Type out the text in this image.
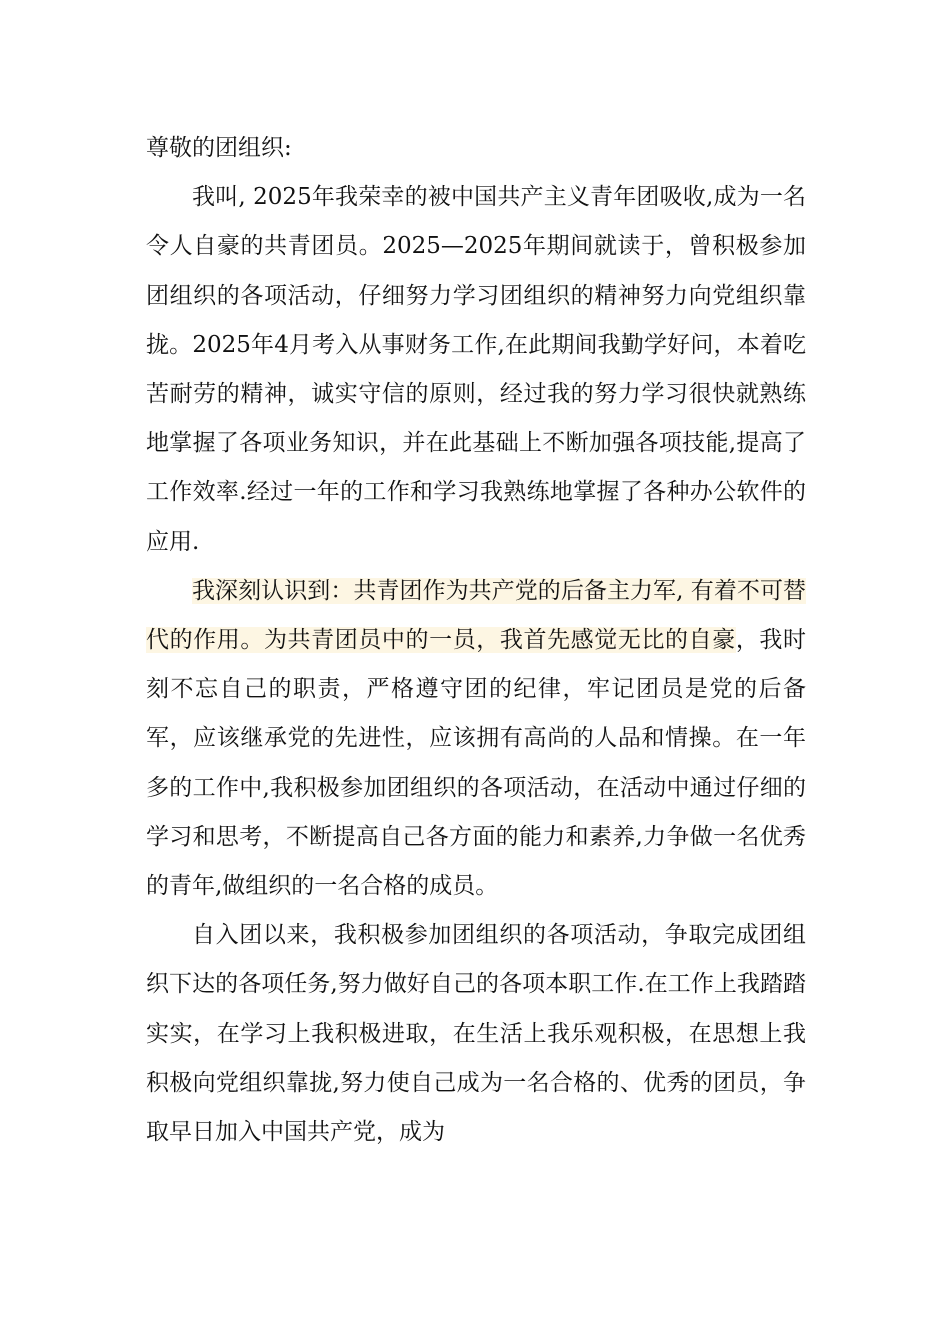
尊敬的团组织:

我叫, 2025年我荣幸的被中国共产主义青年团吸收,成为一名令人自豪的共青团员。2025—2025年期间就读于，曾积极参加团组织的各项活动，仔细努力学习团组织的精神努力向党组织靠拢。2025年4月考入从事财务工作,在此期间我勤学好问，本着吃苦耐劳的精神，诚实守信的原则，经过我的努力学习很快就熟练地掌握了各项业务知识，并在此基础上不断加强各项技能,提高了工作效率.经过一年的工作和学习我熟练地掌握了各种办公软件的应用.

我深刻认识到：共青团作为共产党的后备主力军, 有着不可替代的作用。为共青团员中的一员，我首先感觉无比的自豪，我时刻不忘自己的职责，严格遵守团的纪律，牢记团员是党的后备军，应该继承党的先进性，应该拥有高尚的人品和情操。在一年多的工作中,我积极参加团组织的各项活动，在活动中通过仔细的学习和思考，不断提高自己各方面的能力和素养,力争做一名优秀的青年,做组织的一名合格的成员。

自入团以来，我积极参加团组织的各项活动，争取完成团组织下达的各项任务,努力做好自己的各项本职工作.在工作上我踏踏实实，在学习上我积极进取，在生活上我乐观积极，在思想上我积极向党组织靠拢,努力使自己成为一名合格的、优秀的团员，争取早日加入中国共产党，成为
